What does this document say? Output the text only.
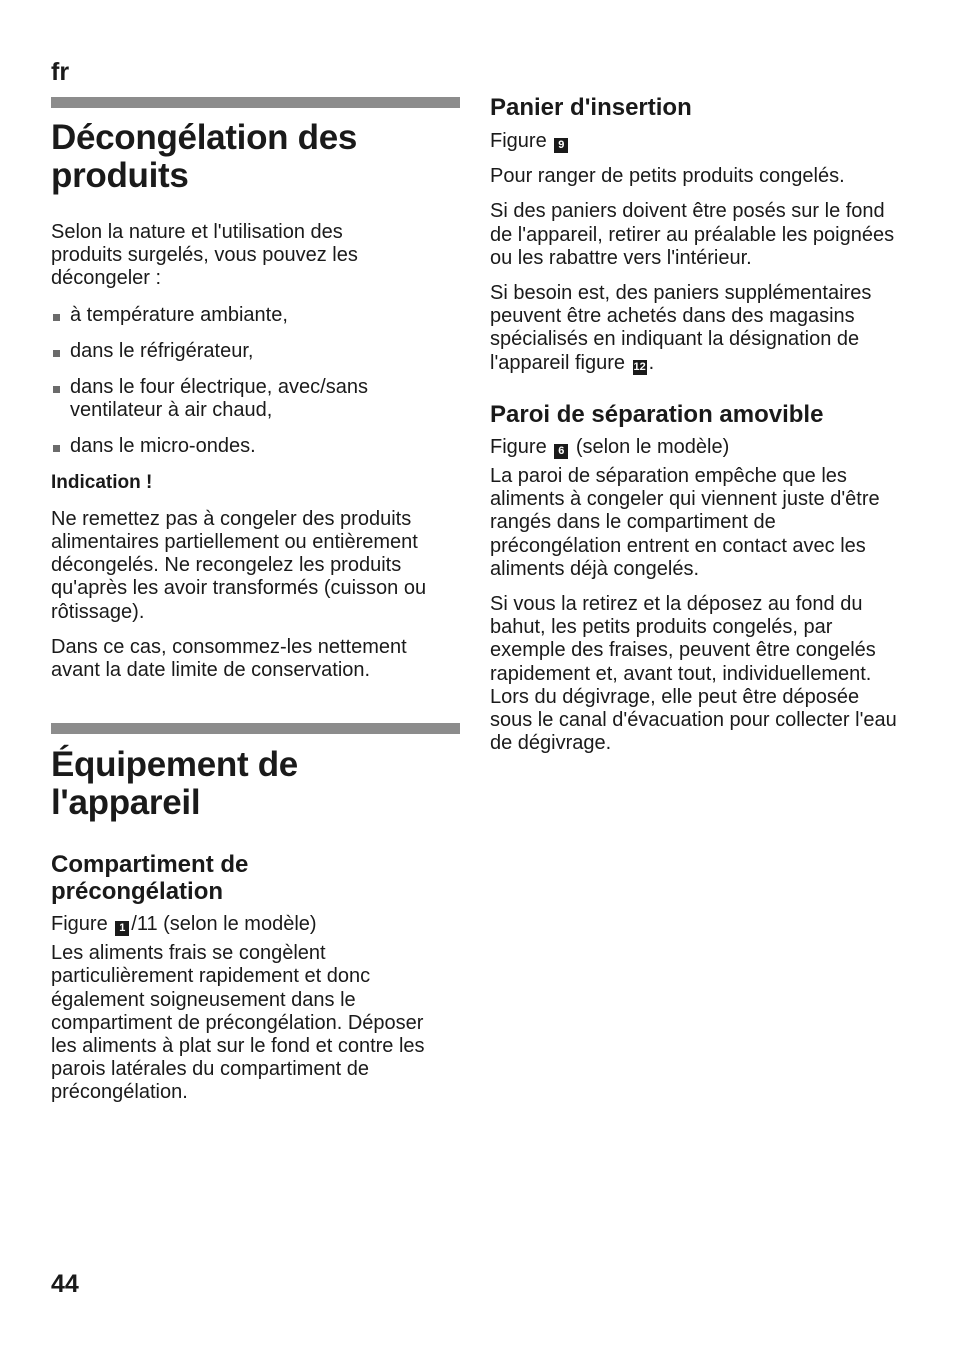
fr
Décongélation des produits

Selon la nature et l'utilisation des produits surgelés, vous pouvez les décongeler :

à température ambiante,
dans le réfrigérateur,
dans le four électrique, avec/sans ventilateur à air chaud,
dans le micro-ondes.

Indication !

Ne remettez pas à congeler des produits alimentaires partiellement ou entièrement décongelés. Ne recongelez les produits qu'après les avoir transformés (cuisson ou rôtissage).

Dans ce cas, consommez-les nettement avant la date limite de conservation.

Équipement de l'appareil
Compartiment de précongélation

Figure 1 /11 (selon le modèle)

Les aliments frais se congèlent particulièrement rapidement et donc également soigneusement dans le compartiment de précongélation. Déposer les aliments à plat sur le fond et contre les parois latérales du compartiment de précongélation.

Panier d'insertion

Figure 9

Pour ranger de petits produits congelés.

Si des paniers doivent être posés sur le fond de l'appareil, retirer au préalable les poignées ou les rabattre vers l'intérieur.

Si besoin est, des paniers supplémentaires peuvent être achetés dans des magasins spécialisés en indiquant la désignation de l'appareil figure 12 .

Paroi de séparation amovible

Figure 6 (selon le modèle)

La paroi de séparation empêche que les aliments à congeler qui viennent juste d'être rangés dans le compartiment de précongélation entrent en contact avec les aliments déjà congelés.

Si vous la retirez et la déposez au fond du bahut, les petits produits congelés, par exemple des fraises, peuvent être congelés rapidement et, avant tout, individuellement. Lors du dégivrage, elle peut être déposée sous le canal d'évacuation pour collecter l'eau de dégivrage.

44
